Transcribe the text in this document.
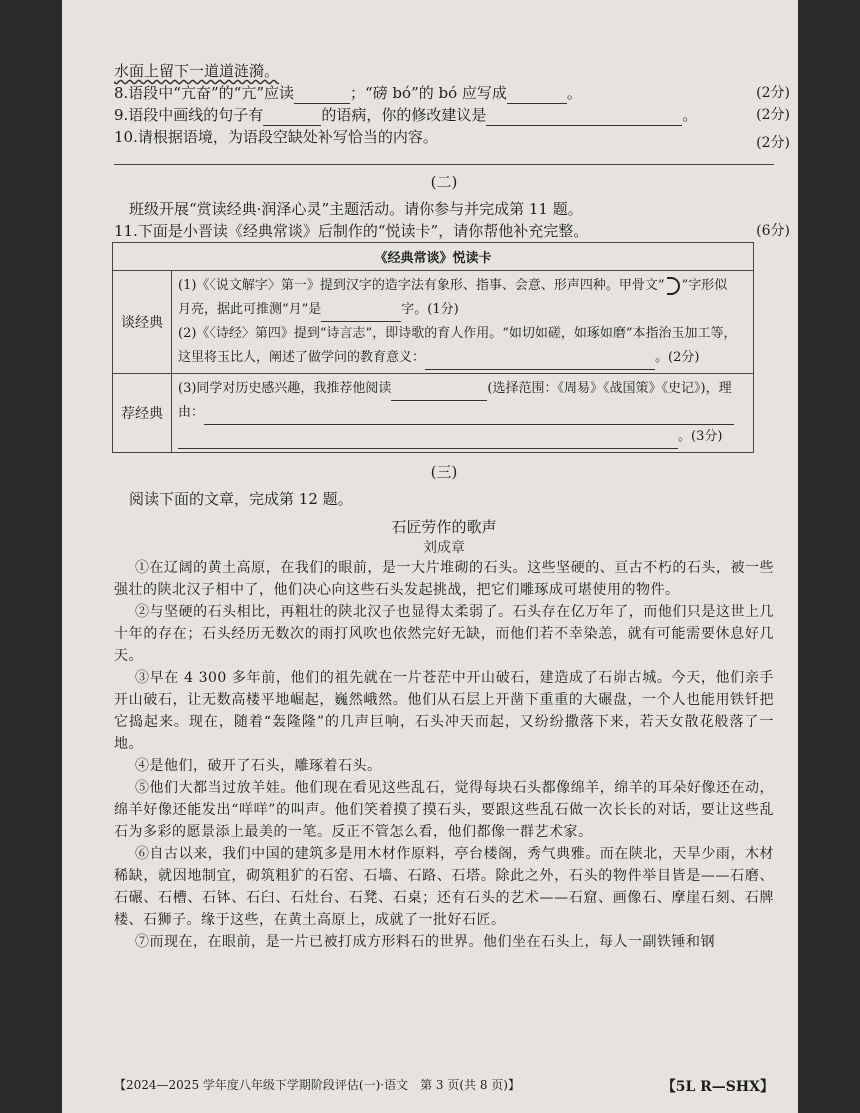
水面上留下一道道涟漪。
8.语段中“亢奋”的“亢”应读	；“磅 bó”的 bó 应写成	。	(2分)
9.语段中画线的句子有	的语病，你的修改建议是	。	(2分)
10.请根据语境，为语段空缺处补写恰当的内容。	(2分)
(二)
班级开展“赏读经典·润泽心灵”主题活动。请你参与并完成第 11 题。
11.下面是小晋读《经典常谈》后制作的“悦读卡”，请你帮他补充完整。	(6分)
《经典常谈》悦读卡	
谈经典	(1)《〈说文解字〉第一》提到汉字的造字法有象形、指事、会意、形声四种。甲骨文“ ”字形似
月亮，据此可推测“月”是 字。(1分)
(2)《〈诗经〉第四》提到“诗言志”，即诗歌的育人作用。“如切如磋，如琢如磨”本指治玉加工等，
这里将玉比人，阐述了做学问的教育意义： 。(2分)

荐经典	(3)同学对历史感兴趣，我推荐他阅读 (选择范围：《周易》《战国策》《史记》)，理
由：
。(3分)
(三)
阅读下面的文章，完成第 12 题。
石匠劳作的歌声
刘成章
①在辽阔的黄土高原，在我们的眼前，是一大片堆砌的石头。这些坚硬的、亘古不朽的石头，被一些强壮的陕北汉子相中了，他们决心向这些石头发起挑战，把它们雕琢成可堪使用的物件。
②与坚硬的石头相比，再粗壮的陕北汉子也显得太柔弱了。石头存在亿万年了，而他们只是这世上几十年的存在；石头经历无数次的雨打风吹也依然完好无缺，而他们若不幸染恙，就有可能需要休息好几天。
③早在 4 300 多年前，他们的祖先就在一片苍茫中开山破石，建造成了石峁古城。今天，他们亲手开山破石，让无数高楼平地崛起，巍然峨然。他们从石层上开凿下重重的大碾盘，一个人也能用铁钎把它捣起来。现在，随着“轰隆隆”的几声巨响，石头冲天而起，又纷纷撒落下来，若天女散花般落了一地。
④是他们，破开了石头，雕琢着石头。
⑤他们大都当过放羊娃。他们现在看见这些乱石，觉得每块石头都像绵羊，绵羊的耳朵好像还在动，绵羊好像还能发出“咩咩”的叫声。他们笑着摸了摸石头，要跟这些乱石做一次长长的对话，要让这些乱石为多彩的愿景添上最美的一笔。反正不管怎么看，他们都像一群艺术家。
⑥自古以来，我们中国的建筑多是用木材作原料，亭台楼阁，秀气典雅。而在陕北，天旱少雨，木材稀缺，就因地制宜，砌筑粗犷的石窑、石墙、石路、石塔。除此之外，石头的物件举目皆是——石磨、石碾、石槽、石钵、石臼、石灶台、石凳、石桌；还有石头的艺术——石窟、画像石、摩崖石刻、石牌楼、石狮子。缘于这些，在黄土高原上，成就了一批好石匠。
⑦而现在，在眼前，是一片已被打成方形料石的世界。他们坐在石头上，每人一副铁锤和钢
【2024—2025 学年度八年级下学期阶段评估(一)·语文　第 3 页(共 8 页)】	【5L R—SHX】
